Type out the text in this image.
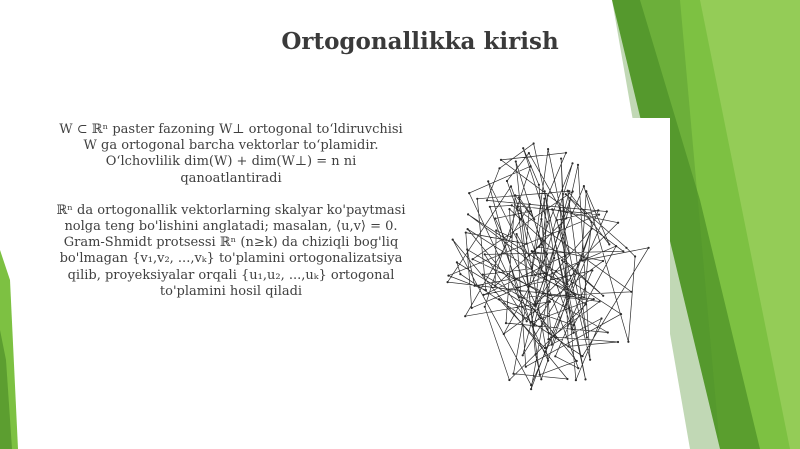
Ortogonallikka kirish

W ⊂ ℝⁿ paster fazoning W⊥ ortogonal to‘ldiruvchisi W ga ortogonal barcha vektorlar to‘plamidir. O‘lchovlilik dim(W) + dim(W⊥) = n ni qanoatlantiradi

ℝⁿ da ortogonallik vektorlarning skalyar ko'paytmasi nolga teng bo'lishini anglatadi; masalan, ⟨u,v⟩ = 0. Gram-Shmidt protsessi ℝⁿ (n≥k) da chiziqli bog'liq bo'lmagan {v₁,v₂, ...,vₖ} to'plamini ortogonalizatsiya qilib, proyeksiyalar orqali {u₁,u₂, ...,uₖ} ortogonal to'plamini hosil qiladi
